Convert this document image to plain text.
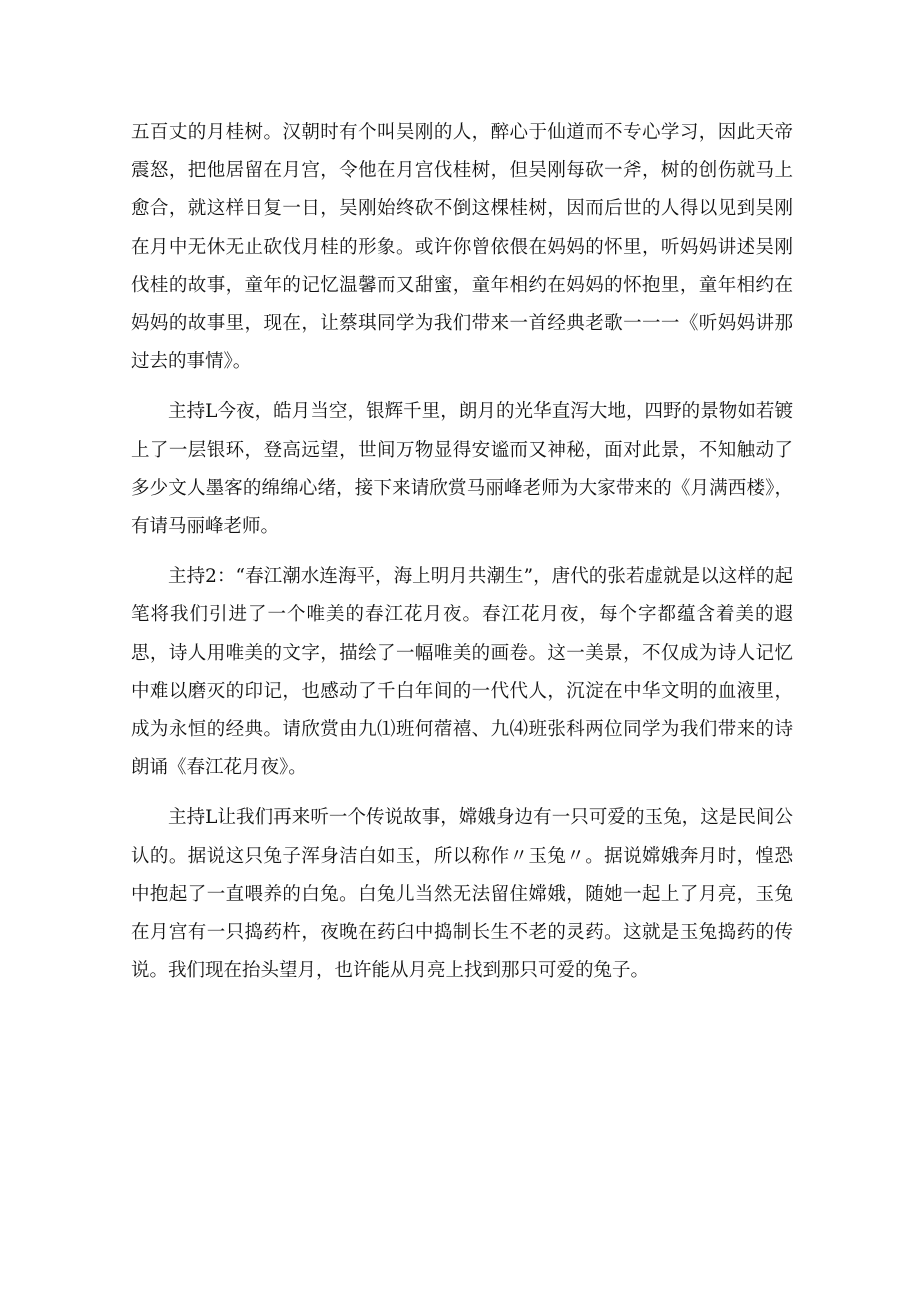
五百丈的月桂树。汉朝时有个叫吴刚的人，醉心于仙道而不专心学习，因此天帝震怒，把他居留在月宫，令他在月宫伐桂树，但吴刚每砍一斧，树的创伤就马上愈合，就这样日复一日，吴刚始终砍不倒这棵桂树，因而后世的人得以见到吴刚在月中无休无止砍伐月桂的形象。或许你曾依偎在妈妈的怀里，听妈妈讲述吴刚伐桂的故事，童年的记忆温馨而又甜蜜，童年相约在妈妈的怀抱里，童年相约在妈妈的故事里，现在，让蔡琪同学为我们带来一首经典老歌一一一《听妈妈讲那过去的事情》。

主持L今夜，皓月当空，银辉千里，朗月的光华直泻大地，四野的景物如若镀上了一层银环，登高远望，世间万物显得安谧而又神秘，面对此景，不知触动了多少文人墨客的绵绵心绪，接下来请欣赏马丽峰老师为大家带来的《月满西楼》，有请马丽峰老师。

主持2：“春江潮水连海平，海上明月共潮生”，唐代的张若虚就是以这样的起笔将我们引进了一个唯美的春江花月夜。春江花月夜，每个字都蕴含着美的遐思，诗人用唯美的文字，描绘了一幅唯美的画卷。这一美景，不仅成为诗人记忆中难以磨灭的印记，也感动了千白年间的一代代人，沉淀在中华文明的血液里，成为永恒的经典。请欣赏由九⑴班何蓿禧、九⑷班张科两位同学为我们带来的诗朗诵《春江花月夜》。

主持L让我们再来听一个传说故事，嫦娥身边有一只可爱的玉兔，这是民间公认的。据说这只兔子浑身洁白如玉，所以称作〃玉兔〃。据说嫦娥奔月时，惶恐中抱起了一直喂养的白兔。白兔儿当然无法留住嫦娥，随她一起上了月亮，玉兔在月宫有一只捣药杵，夜晚在药臼中捣制长生不老的灵药。这就是玉兔捣药的传说。我们现在抬头望月，也许能从月亮上找到那只可爱的兔子。
